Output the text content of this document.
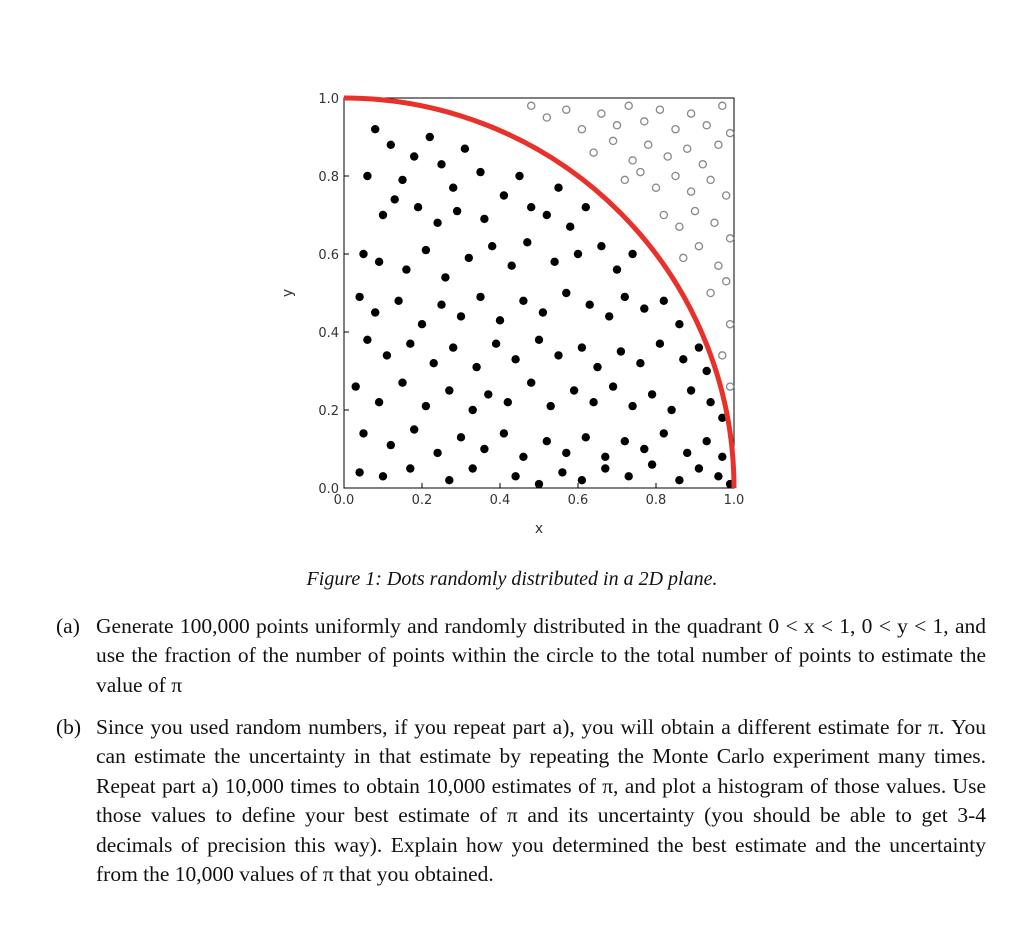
0.0	0.2	0.4	0.6	0.8	1.0
0.0
0.2
0.4
0.6
0.8
1.0
x
y
Figure 1: Dots randomly distributed in a 2D plane.
(a) Generate 100,000 points uniformly and randomly distributed in the quadrant 0 < x < 1, 0 < y < 1, and use the fraction of the number of points within the circle to the total number of points to estimate the value of π
(b) Since you used random numbers, if you repeat part a), you will obtain a different estimate for π. You can estimate the uncertainty in that estimate by repeating the Monte Carlo experiment many times. Repeat part a) 10,000 times to obtain 10,000 estimates of π, and plot a histogram of those values. Use those values to define your best estimate of π and its uncertainty (you should be able to get 3-4 decimals of precision this way). Explain how you determined the best estimate and the uncertainty from the 10,000 values of π that you obtained.
